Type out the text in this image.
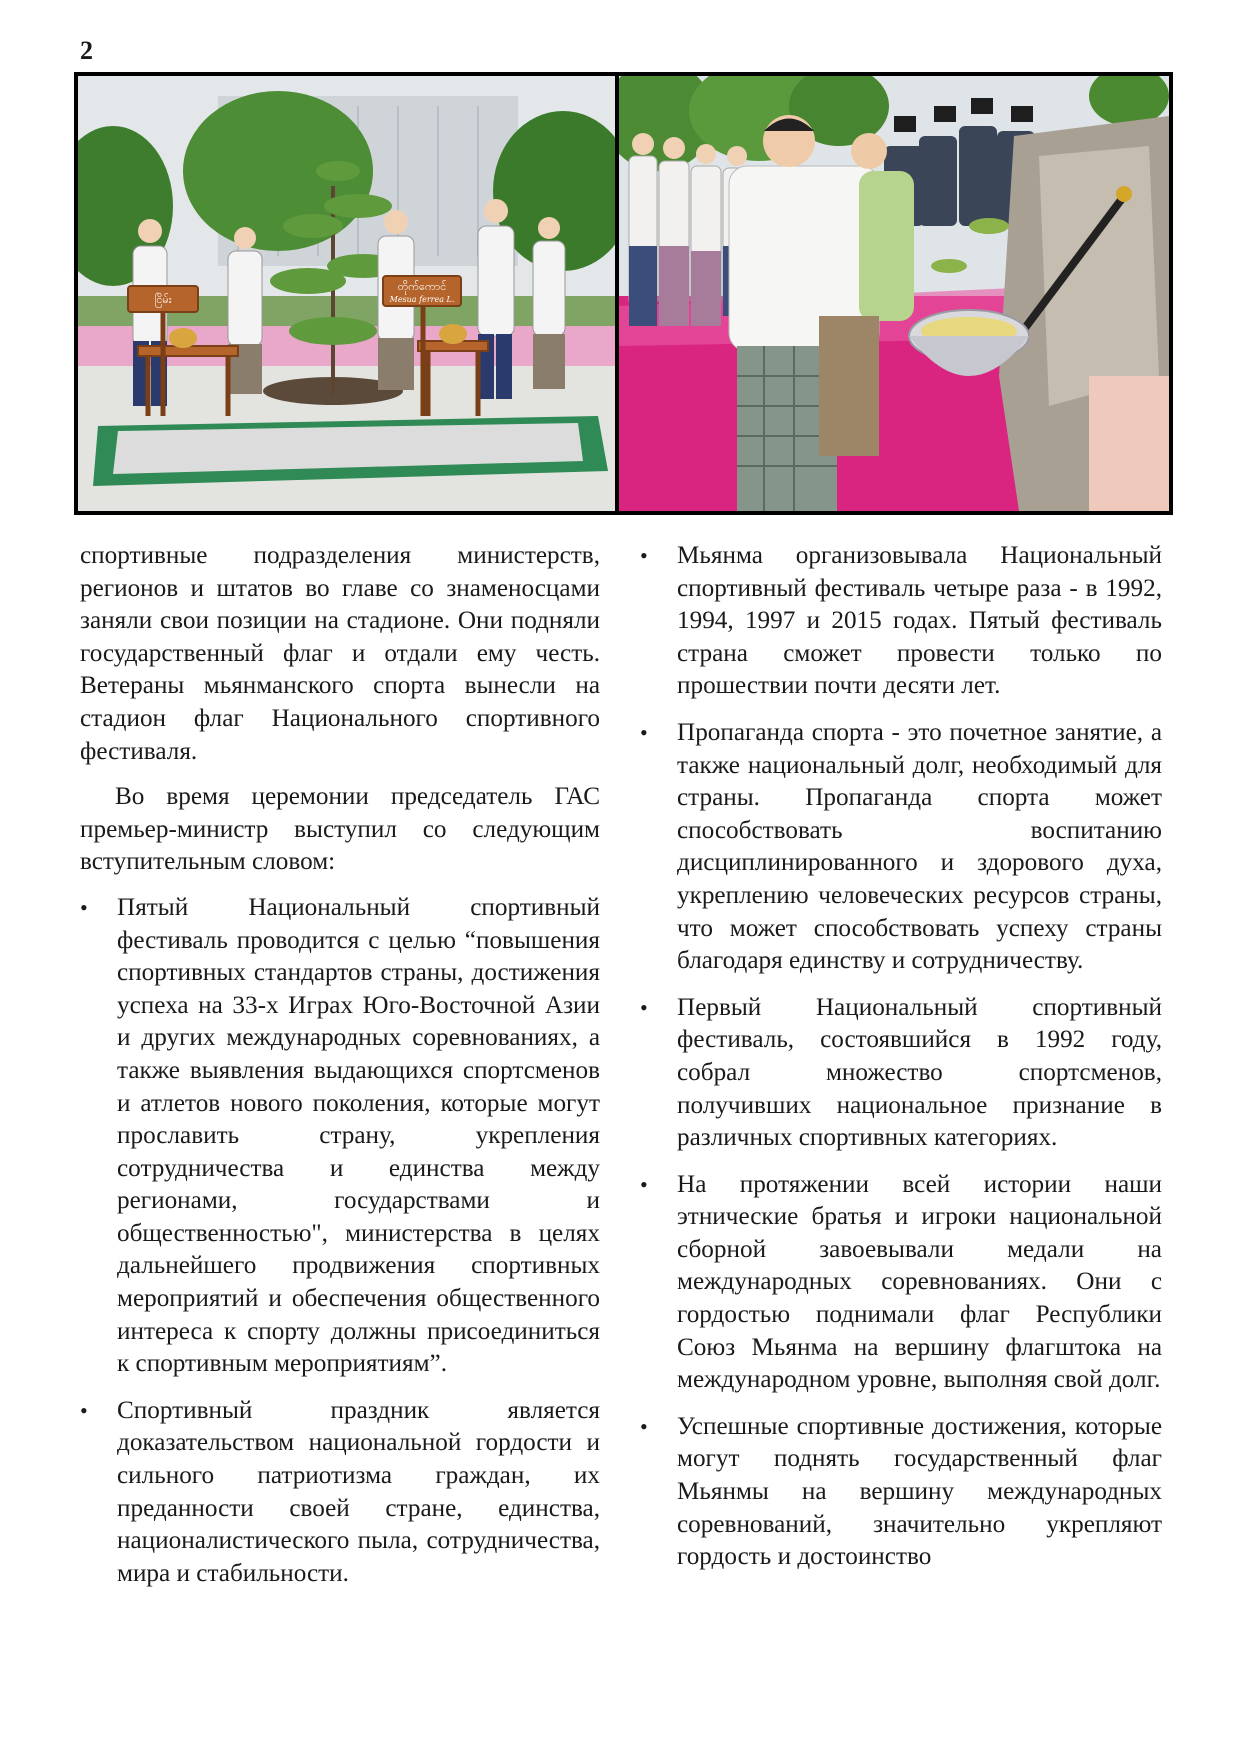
2
ငြိမ်း
တိုက်ကောင်
Mesua ferrea L.

спортивные подразделения министерств, регионов и штатов во главе со знаменосцами заняли свои позиции на стадионе. Они подняли государственный флаг и отдали ему честь. Ветераны мьянманского спорта вынесли на стадион флаг Национального спортивного фестиваля.

Во время церемонии председатель ГАС премьер-министр выступил со следующим вступительным словом:

• Пятый Национальный спортивный фестиваль проводится с целью “повышения спортивных стандартов страны, достижения успеха на 33-х Играх Юго-Восточной Азии и других международных соревнованиях, а также выявления выдающихся спортсменов и атлетов нового поколения, которые могут прославить страну, укрепления сотрудничества и единства между регионами, государствами и общественностью", министерства в целях дальнейшего продвижения спортивных мероприятий и обеспечения общественного интереса к спорту должны присоединиться к спортивным мероприятиям”.
• Спортивный праздник является доказательством национальной гордости и сильного патриотизма граждан, их преданности своей стране, единства, националистического пыла, сотрудничества, мира и стабильности.
• Мьянма организовывала Национальный спортивный фестиваль четыре раза - в 1992, 1994, 1997 и 2015 годах. Пятый фестиваль страна сможет провести только по прошествии почти десяти лет.
• Пропаганда спорта - это почетное занятие, а также национальный долг, необходимый для страны. Пропаганда спорта может способствовать воспитанию дисциплинированного и здорового духа, укреплению человеческих ресурсов страны, что может способствовать успеху страны благодаря единству и сотрудничеству.
• Первый Национальный спортивный фестиваль, состоявшийся в 1992 году, собрал множество спортсменов, получивших национальное признание в различных спортивных категориях.
• На протяжении всей истории наши этнические братья и игроки национальной сборной завоевывали медали на международных соревнованиях. Они с гордостью поднимали флаг Республики Союз Мьянма на вершину флагштока на международном уровне, выполняя свой долг.
• Успешные спортивные достижения, которые могут поднять государственный флаг Мьянмы на вершину международных соревнований, значительно укрепляют гордость и достоинство
